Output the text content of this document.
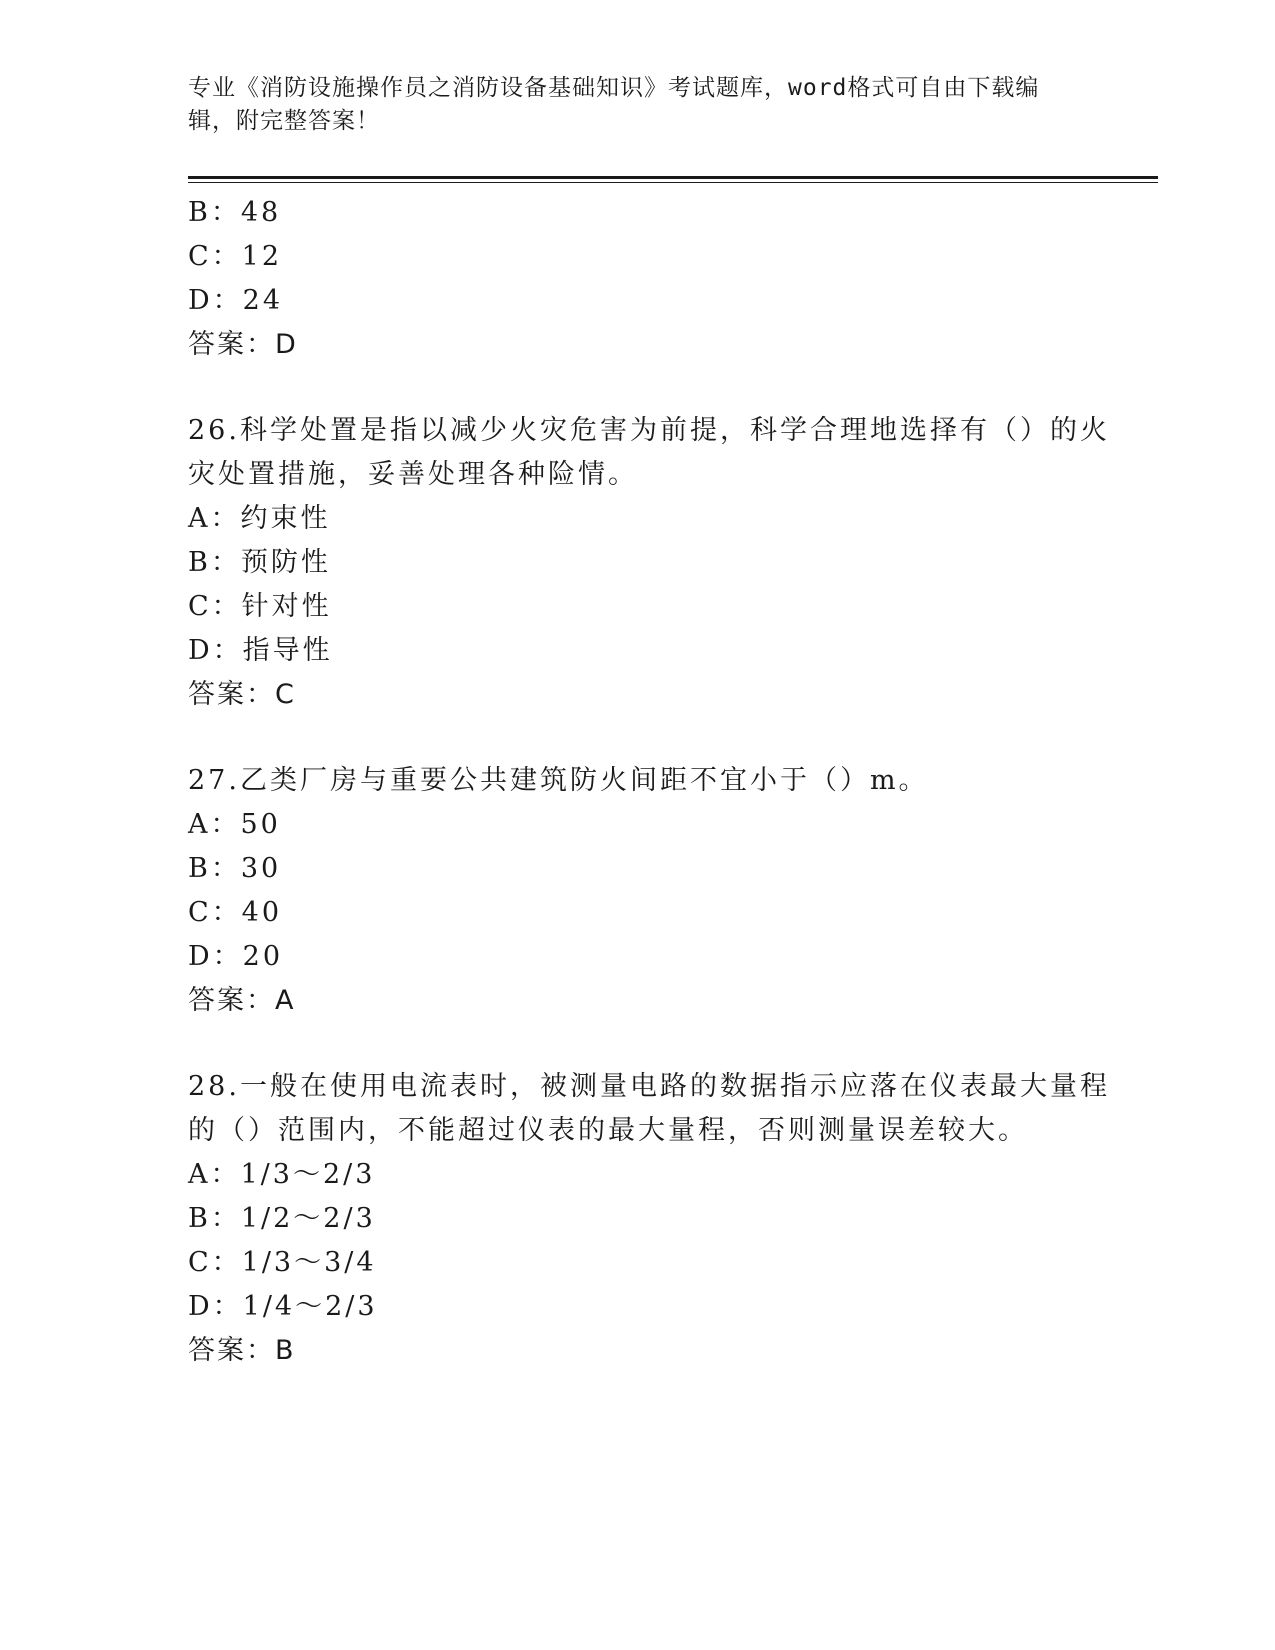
专业《消防设施操作员之消防设备基础知识》考试题库，word格式可自由下载编
辑，附完整答案！
B：48
C：12
D：24
答案：D
26.科学处置是指以减少火灾危害为前提，科学合理地选择有（）的火
灾处置措施，妥善处理各种险情。
A：约束性
B：预防性
C：针对性
D：指导性
答案：C
27.乙类厂房与重要公共建筑防火间距不宜小于（）m。
A：50
B：30
C：40
D：20
答案：A
28.一般在使用电流表时，被测量电路的数据指示应落在仪表最大量程
的（）范围内，不能超过仪表的最大量程，否则测量误差较大。
A：1/3～2/3
B：1/2～2/3
C：1/3～3/4
D：1/4～2/3
答案：B
